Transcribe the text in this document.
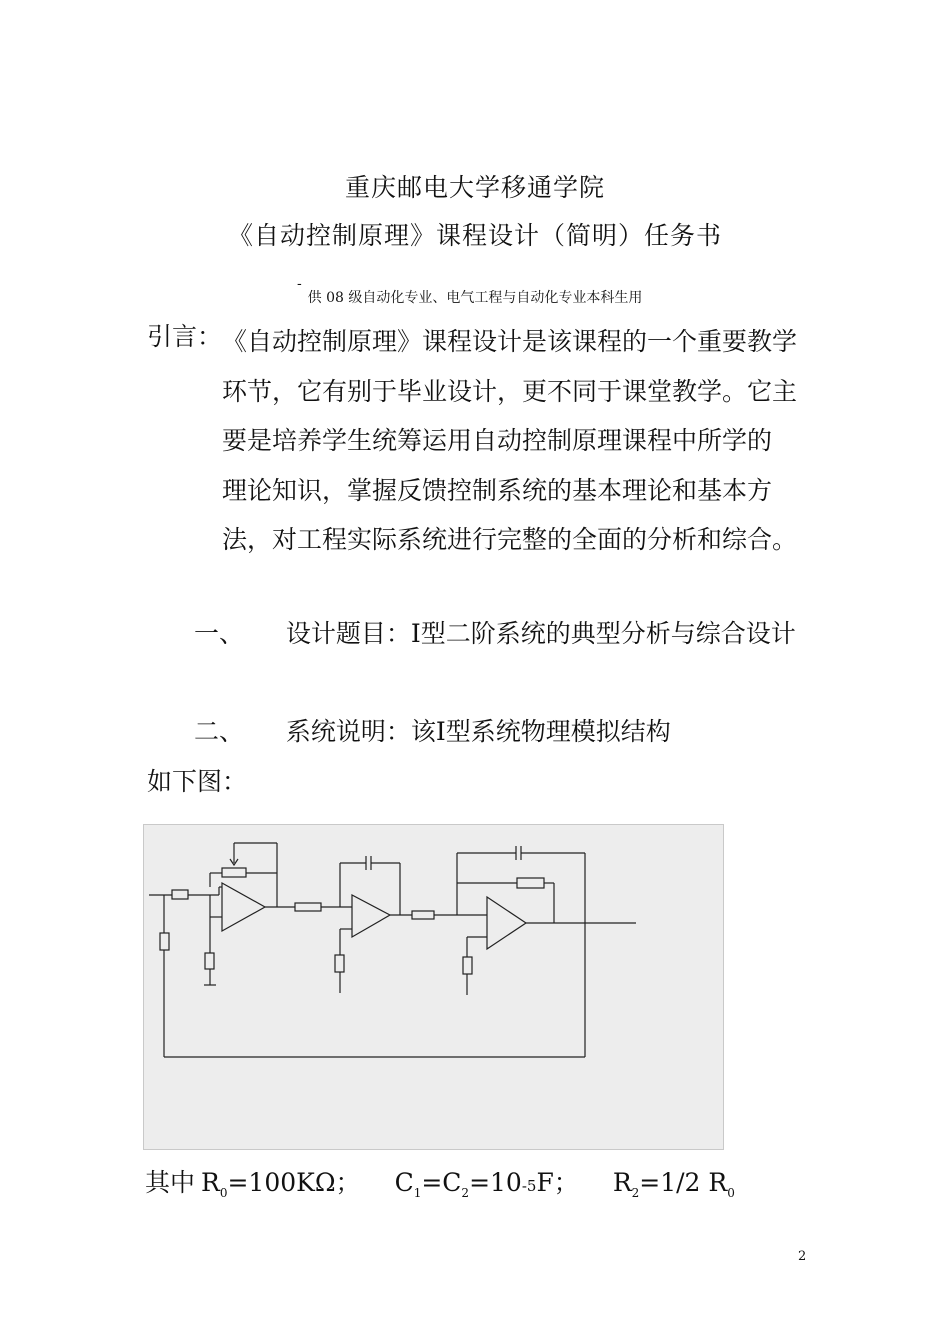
重庆邮电大学移通学院
《自动控制原理》课程设计（简明）任务书
-
供 08 级自动化专业、电气工程与自动化专业本科生用
引言： 《自动控制原理》课程设计是该课程的一个重要教学
环节，它有别于毕业设计，更不同于课堂教学。它主
要是培养学生统筹运用自动控制原理课程中所学的
理论知识，掌握反馈控制系统的基本理论和基本方
法，对工程实际系统进行完整的全面的分析和综合。
一、 设计题目：Ⅰ型二阶系统的典型分析与综合设计
二、 系统说明：该Ⅰ型系统物理模拟结构
如下图：
其中 $R_0=100K\Omega$； $C_1=C_2=10-5F$； $R_2=1/2$ $R_0$
2
